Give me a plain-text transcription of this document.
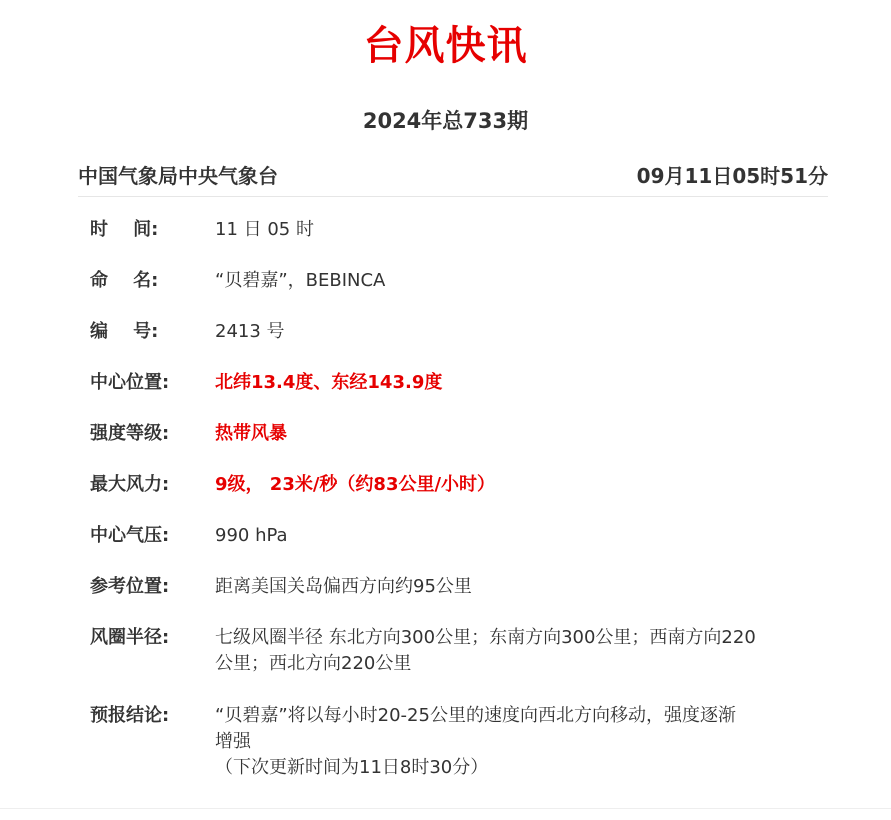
台风快讯
2024年总733期
中国气象局中央气象台	09月11日05时51分
时    间:	11 日 05 时
命    名:	“贝碧嘉”，BEBINCA
编    号:	2413 号
中心位置:	北纬13.4度、东经143.9度
强度等级:	热带风暴
最大风力:	9级， 23米/秒（约83公里/小时）
中心气压:	990 hPa
参考位置:	距离美国关岛偏西方向约95公里
风圈半径:	七级风圈半径 东北方向300公里；东南方向300公里；西南方向220
公里；西北方向220公里
预报结论:	“贝碧嘉”将以每小时20-25公里的速度向西北方向移动，强度逐渐
增强
（下次更新时间为11日8时30分）
